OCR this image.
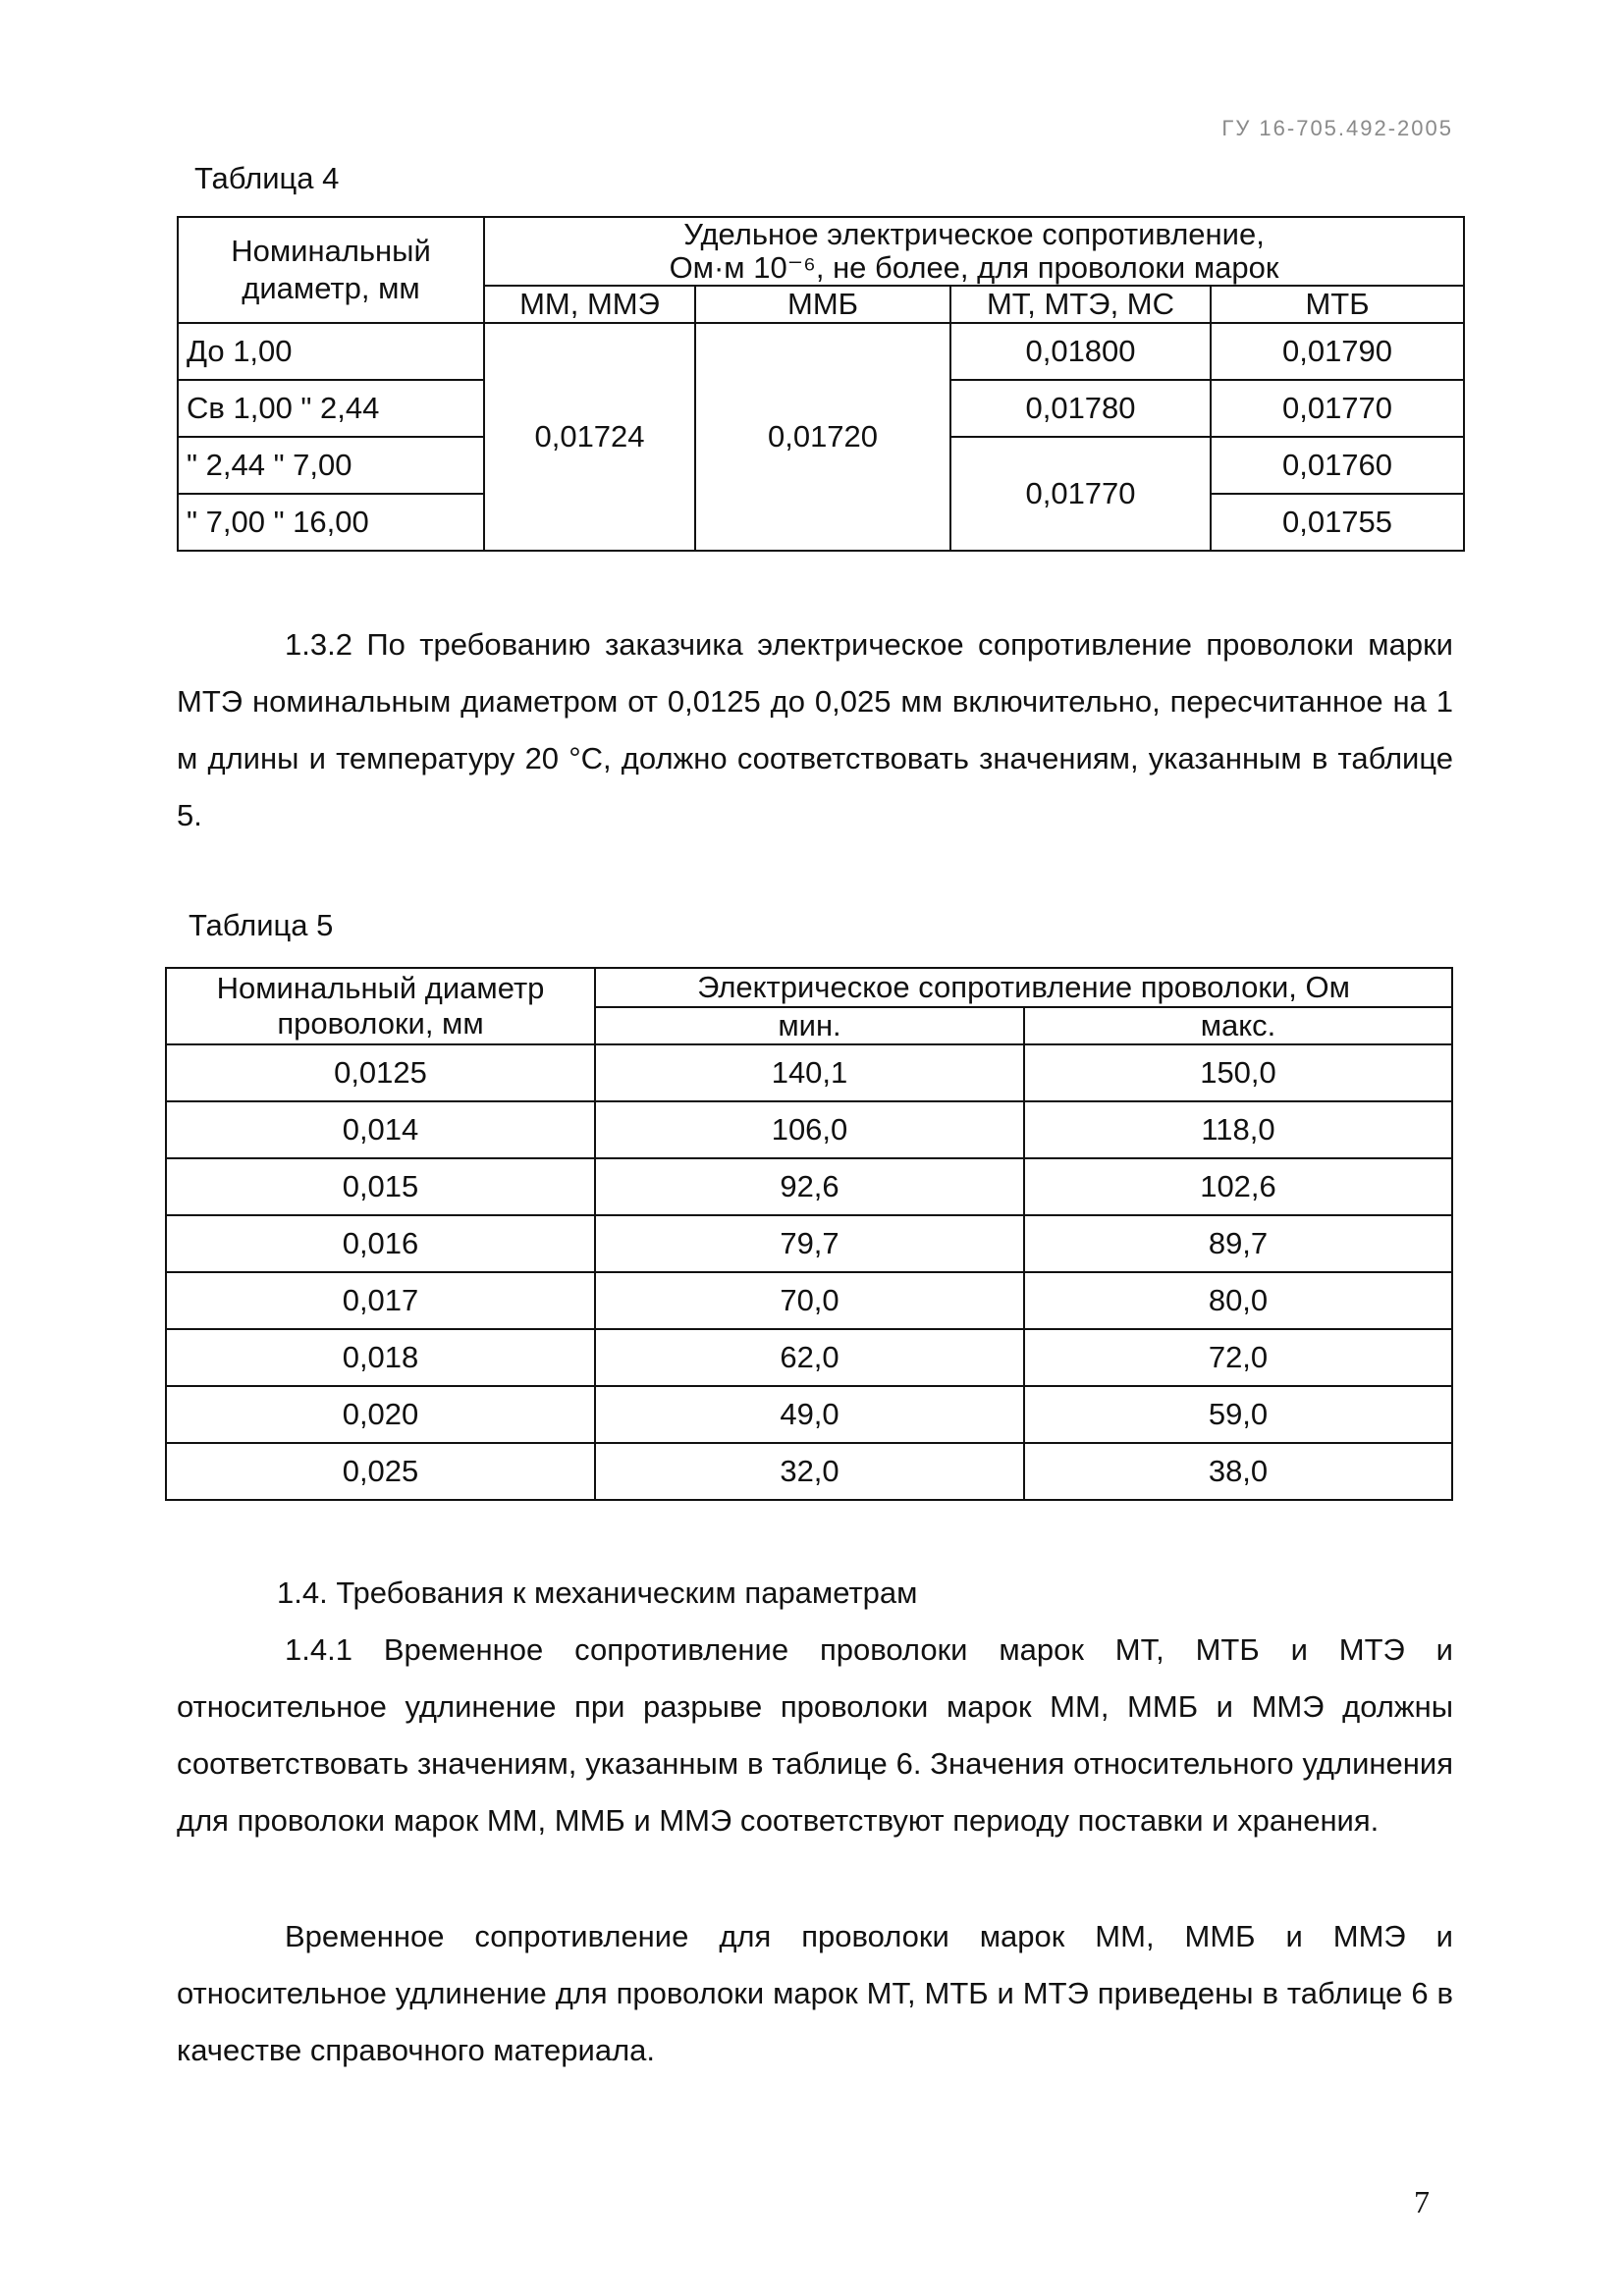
ГУ 16-705.492-2005
Таблица 4
Номинальный диаметр, мм	Удельное электрическое сопротивление,
Ом·м 10⁻⁶, не более, для проволоки марок			

	ММ, ММЭ	ММБ	МТ, МТЭ, МС	МТБ
До 1,00	0,01724	0,01720	0,01800	0,01790
Св 1,00 " 2,44			0,01780	0,01770
" 2,44 " 7,00			0,01770	0,01760
" 7,00 " 16,00				0,01755
1.3.2 По требованию заказчика электрическое сопротивление проволоки марки МТЭ номинальным диаметром от 0,0125 до 0,025 мм включительно, пересчитанное на 1 м длины и температуру 20 °С, должно соответствовать значениям, указанным в таблице 5.
Таблица 5
Номинальный диаметр проволоки, мм	Электрическое сопротивление проволоки, Ом	
	мин.	макс.
0,0125	140,1	150,0
0,014	106,0	118,0
0,015	92,6	102,6
0,016	79,7	89,7
0,017	70,0	80,0
0,018	62,0	72,0
0,020	49,0	59,0
0,025	32,0	38,0
1.4. Требования к механическим параметрам
1.4.1 Временное сопротивление проволоки марок МТ, МТБ и МТЭ и относительное удлинение при разрыве проволоки марок ММ, ММБ и ММЭ должны соответствовать значениям, указанным в таблице 6. Значения относительного удлинения для проволоки марок ММ, ММБ и ММЭ соответствуют периоду поставки и хранения.
Временное сопротивление для проволоки марок ММ, ММБ и ММЭ и относительное удлинение для проволоки марок МТ, МТБ и МТЭ приведены в таблице 6 в качестве справочного материала.
7
